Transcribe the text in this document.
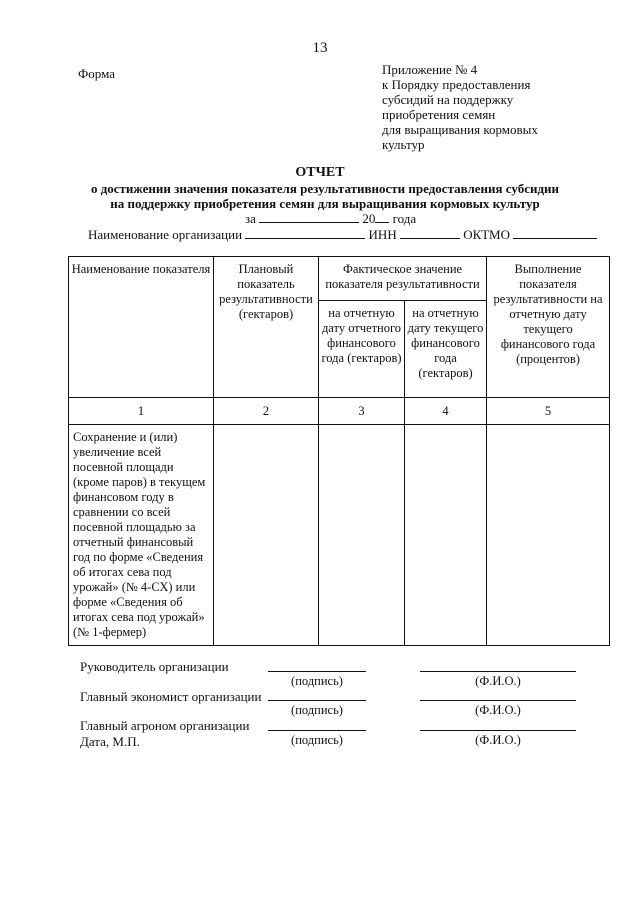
13
Форма	Приложение № 4
к Порядку предоставления
субсидий на поддержку
приобретения семян
для выращивания кормовых
культур
ОТЧЕТ
о достижении значения показателя результативности предоставления субсидии
на поддержку приобретения семян для выращивания кормовых культур
за	20 года
Наименование организации	ИНН	ОКТМО
Наименование показателя	Плановый показатель результативности (гектаров)	Фактическое значение показателя результативности		Выполнение показателя результативности на отчетную дату текущего финансового года (процентов)
		на отчетную дату отчетного финансового года (гектаров)	на отчетную дату текущего финансового года (гектаров)	
1	2	3	4	5
Сохранение и (или) увеличение всей посевной площади (кроме паров) в текущем финансовом году в сравнении со всей посевной площадью за отчетный финансовый год по форме «Сведения об итогах сева под урожай» (№ 4-СХ) или форме «Сведения об итогах сева под урожай» (№ 1-фермер)				
Руководитель организации
(подпись)	(Ф.И.О.)
Главный экономист организации
(подпись)	(Ф.И.О.)
Главный агроном организации
Дата, М.П.	(подпись)	(Ф.И.О.)
